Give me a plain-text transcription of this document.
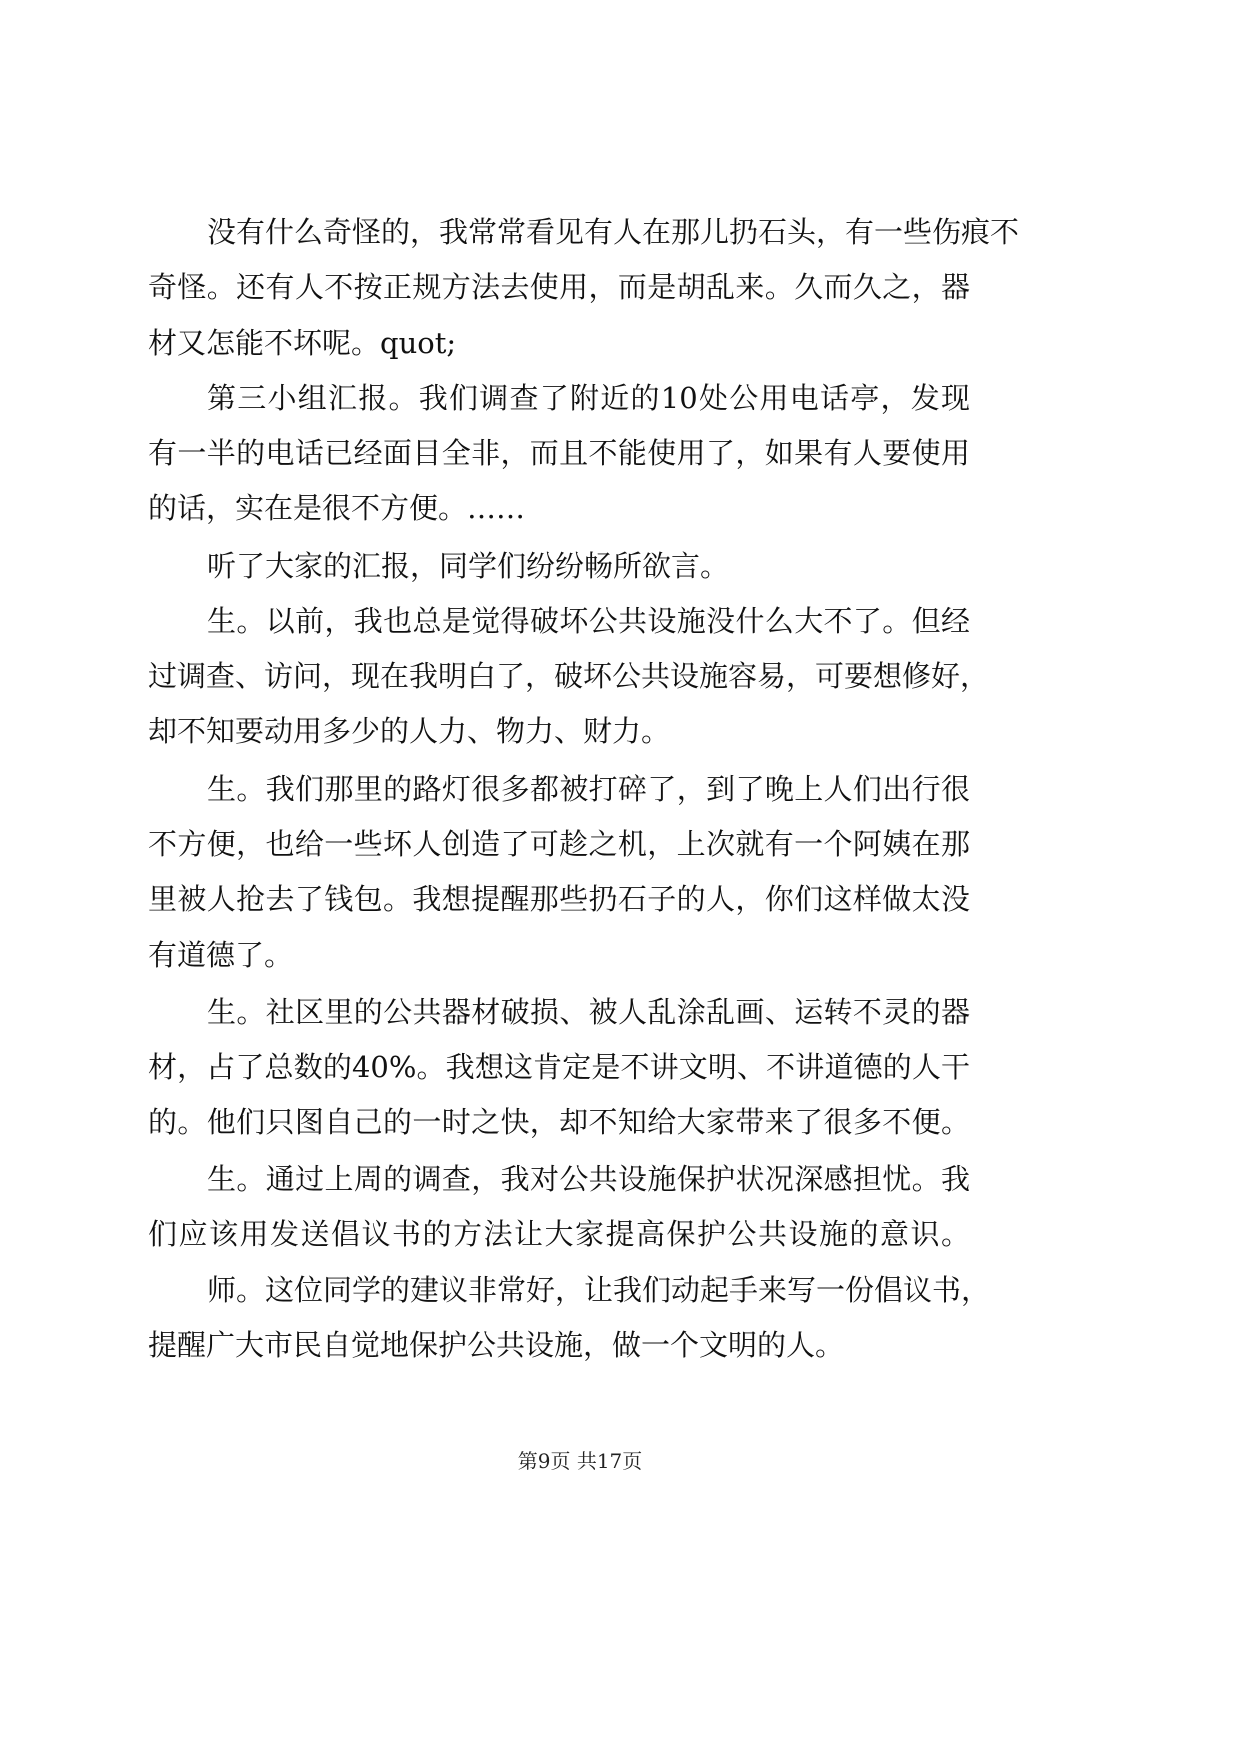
没有什么奇怪的，我常常看见有人在那儿扔石头，有一些伤痕不
奇怪。还有人不按正规方法去使用，而是胡乱来。久而久之，器
材又怎能不坏呢。quot;
第三小组汇报。我们调查了附近的10处公用电话亭，发现
有一半的电话已经面目全非，而且不能使用了，如果有人要使用
的话，实在是很不方便。……
听了大家的汇报，同学们纷纷畅所欲言。
生。以前，我也总是觉得破坏公共设施没什么大不了。但经
过调查、访问，现在我明白了，破坏公共设施容易，可要想修好，
却不知要动用多少的人力、物力、财力。
生。我们那里的路灯很多都被打碎了，到了晚上人们出行很
不方便，也给一些坏人创造了可趁之机，上次就有一个阿姨在那
里被人抢去了钱包。我想提醒那些扔石子的人，你们这样做太没
有道德了。
生。社区里的公共器材破损、被人乱涂乱画、运转不灵的器
材，占了总数的40%。我想这肯定是不讲文明、不讲道德的人干
的。他们只图自己的一时之快，却不知给大家带来了很多不便。
生。通过上周的调查，我对公共设施保护状况深感担忧。我
们应该用发送倡议书的方法让大家提高保护公共设施的意识。
师。这位同学的建议非常好，让我们动起手来写一份倡议书，
提醒广大市民自觉地保护公共设施，做一个文明的人。
第9页 共17页
